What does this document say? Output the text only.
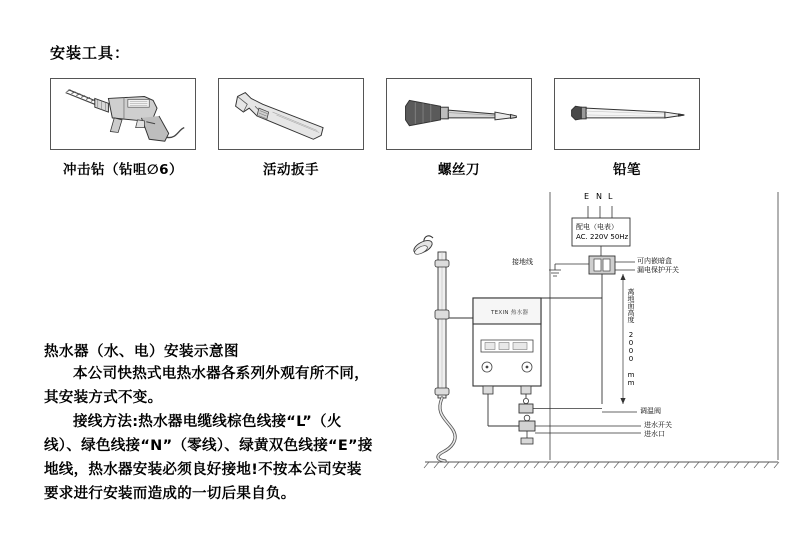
安装工具：
冲击钻（钻咀∅6）	活动扳手	螺丝刀	铅笔
热水器（水、电）安装示意图

本公司快热式电热水器各系列外观有所不同，其安装方式不变。

接线方法:热水器电缆线棕色线接“L”（火线）、绿色线接“N”（零线）、绿黄双色线接“E”接地线，热水器安装必须良好接地!不按本公司安装要求进行安装而造成的一切后果自负。

E N L
配电（电表）
AC. 220V 50Hz
接地线	可内嵌暗盒
漏电保护开关
离地面高度 2000 mm
TEXIN 热水器
调温阀
进水开关
进水口
